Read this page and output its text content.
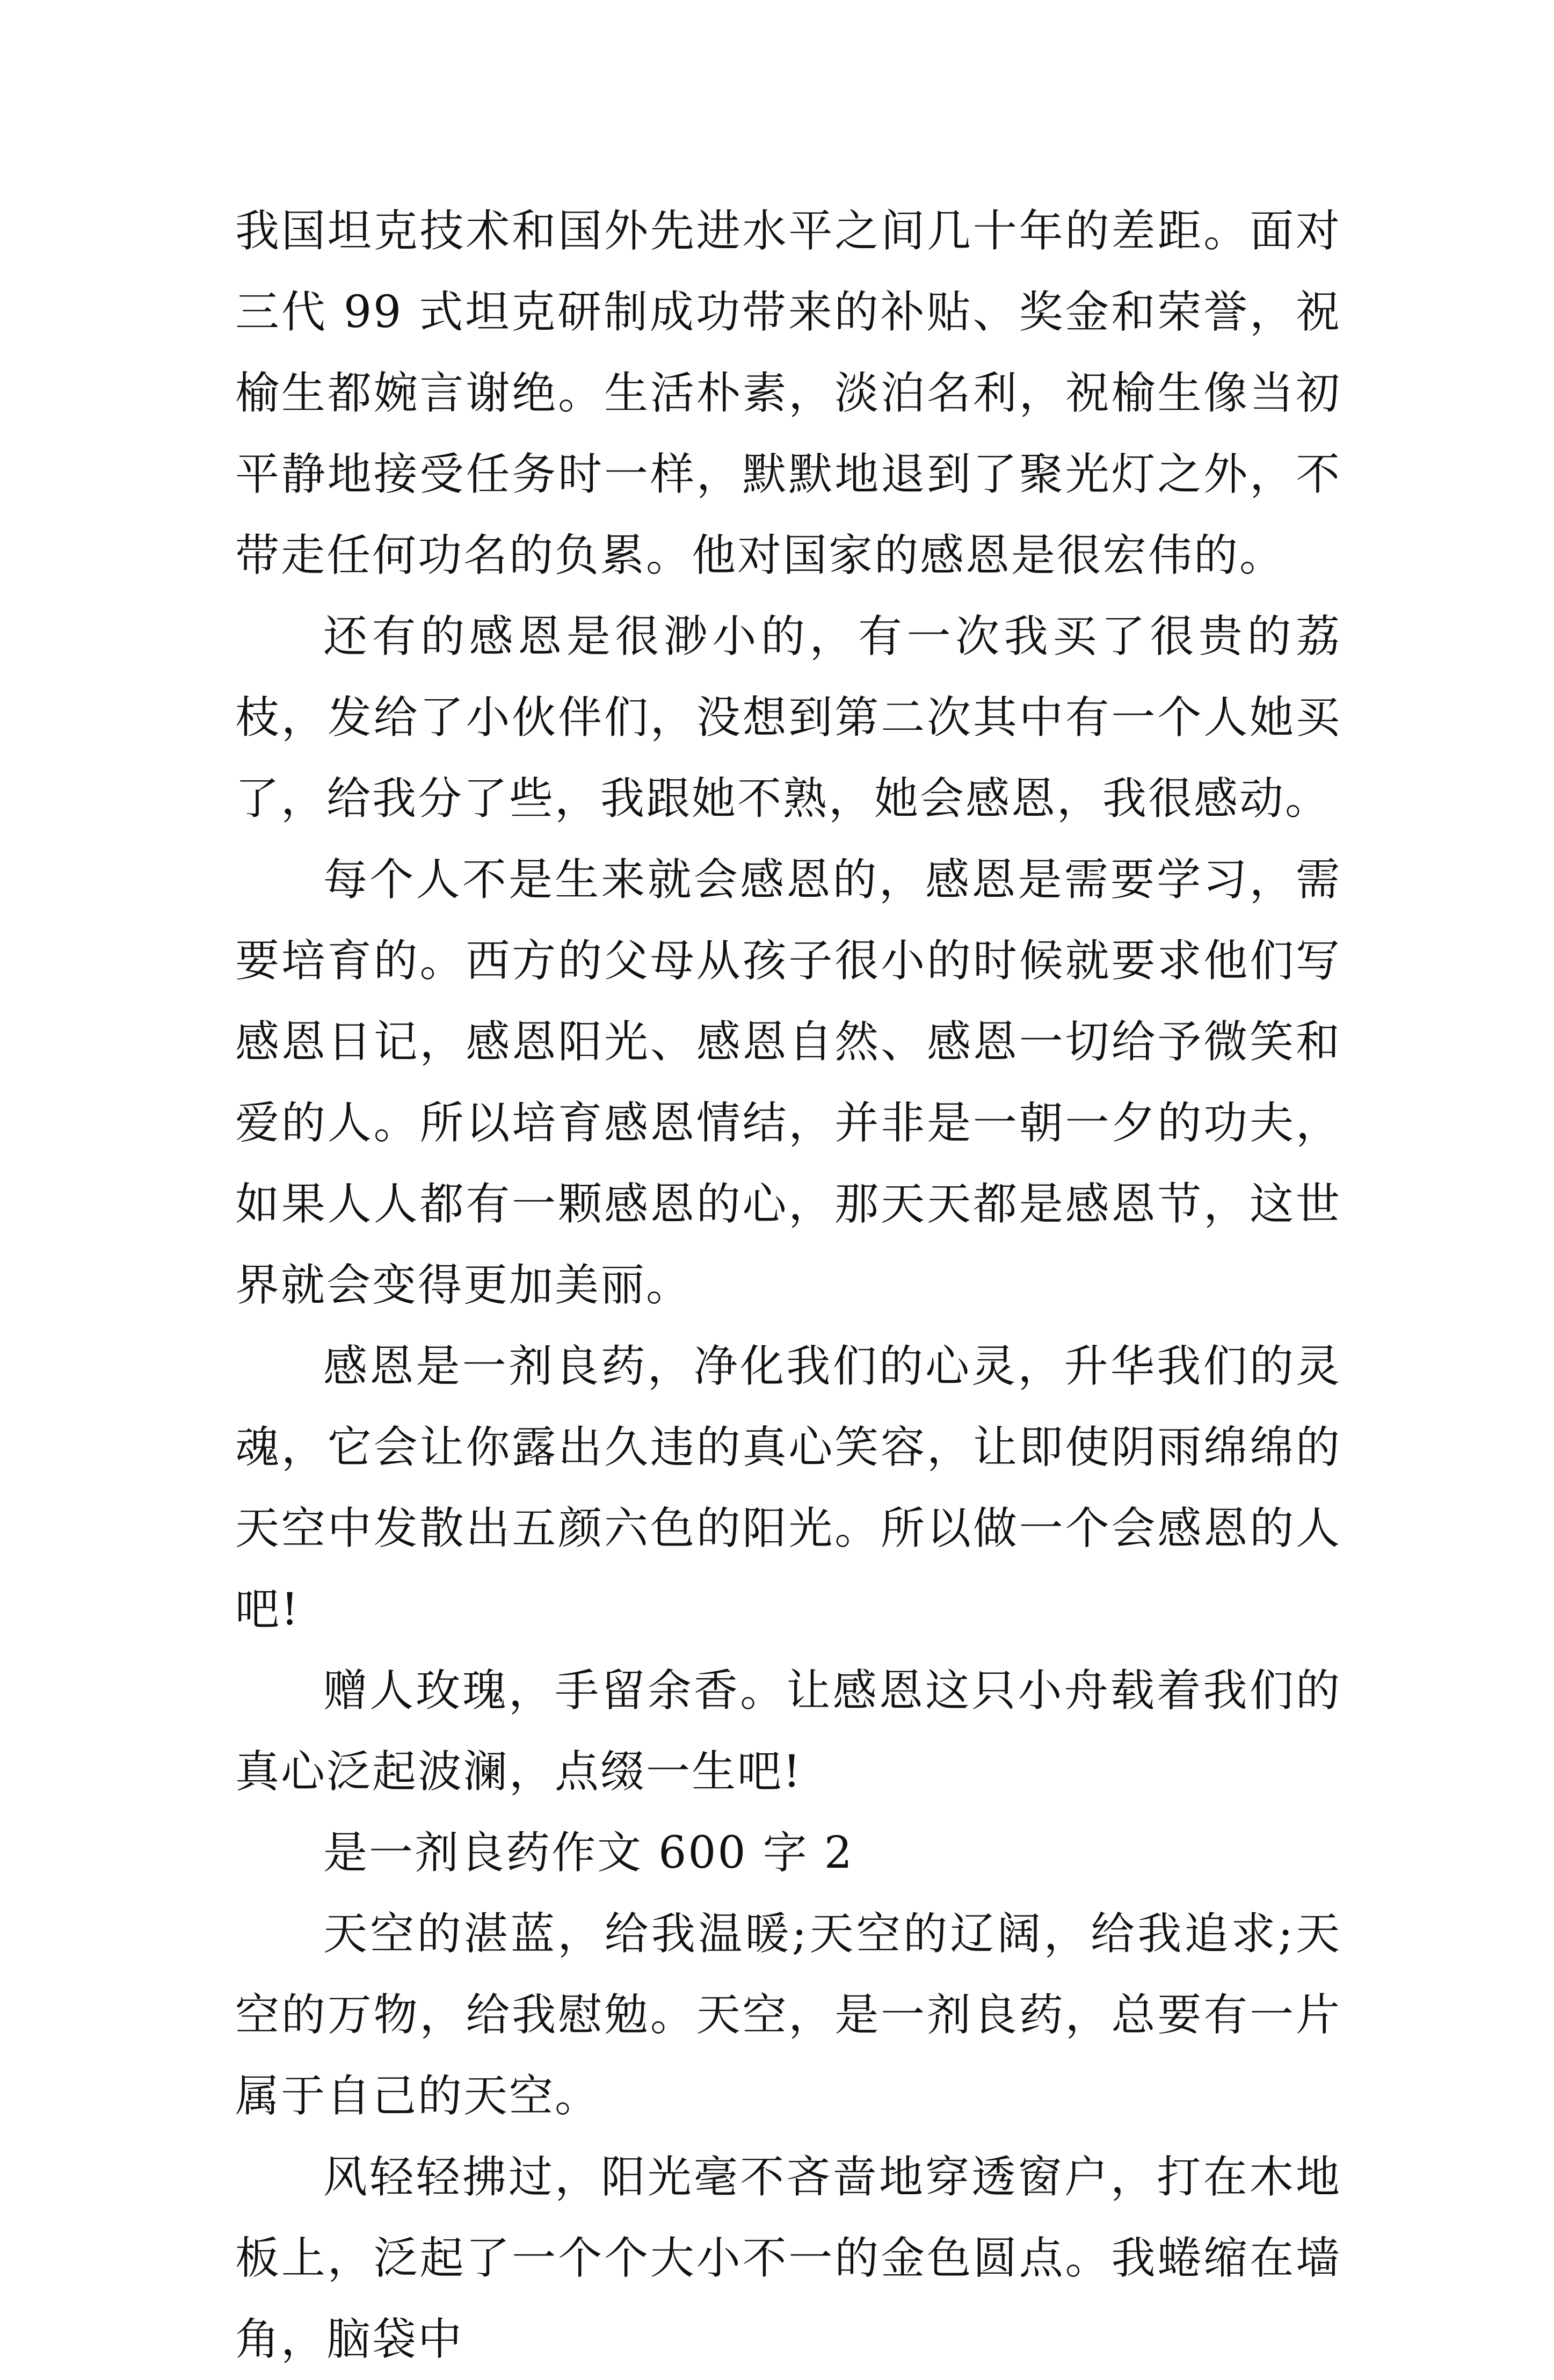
我国坦克技术和国外先进水平之间几十年的差距。面对三代 99 式坦克研制成功带来的补贴、奖金和荣誉，祝榆生都婉言谢绝。生活朴素，淡泊名利，祝榆生像当初平静地接受任务时一样，默默地退到了聚光灯之外，不带走任何功名的负累。他对国家的感恩是很宏伟的。

还有的感恩是很渺小的，有一次我买了很贵的荔枝，发给了小伙伴们，没想到第二次其中有一个人她买了，给我分了些，我跟她不熟，她会感恩，我很感动。

每个人不是生来就会感恩的，感恩是需要学习，需要培育的。西方的父母从孩子很小的时候就要求他们写感恩日记，感恩阳光、感恩自然、感恩一切给予微笑和爱的人。所以培育感恩情结，并非是一朝一夕的功夫，如果人人都有一颗感恩的心，那天天都是感恩节，这世界就会变得更加美丽。

感恩是一剂良药，净化我们的心灵，升华我们的灵魂，它会让你露出久违的真心笑容，让即使阴雨绵绵的天空中发散出五颜六色的阳光。所以做一个会感恩的人吧!

赠人玫瑰，手留余香。让感恩这只小舟载着我们的真心泛起波澜，点缀一生吧!

是一剂良药作文 600 字 2

天空的湛蓝，给我温暖;天空的辽阔，给我追求;天空的万物，给我慰勉。天空，是一剂良药，总要有一片属于自己的天空。

风轻轻拂过，阳光毫不吝啬地穿透窗户，打在木地板上，泛起了一个个大小不一的金色圆点。我蜷缩在墙角，脑袋中
